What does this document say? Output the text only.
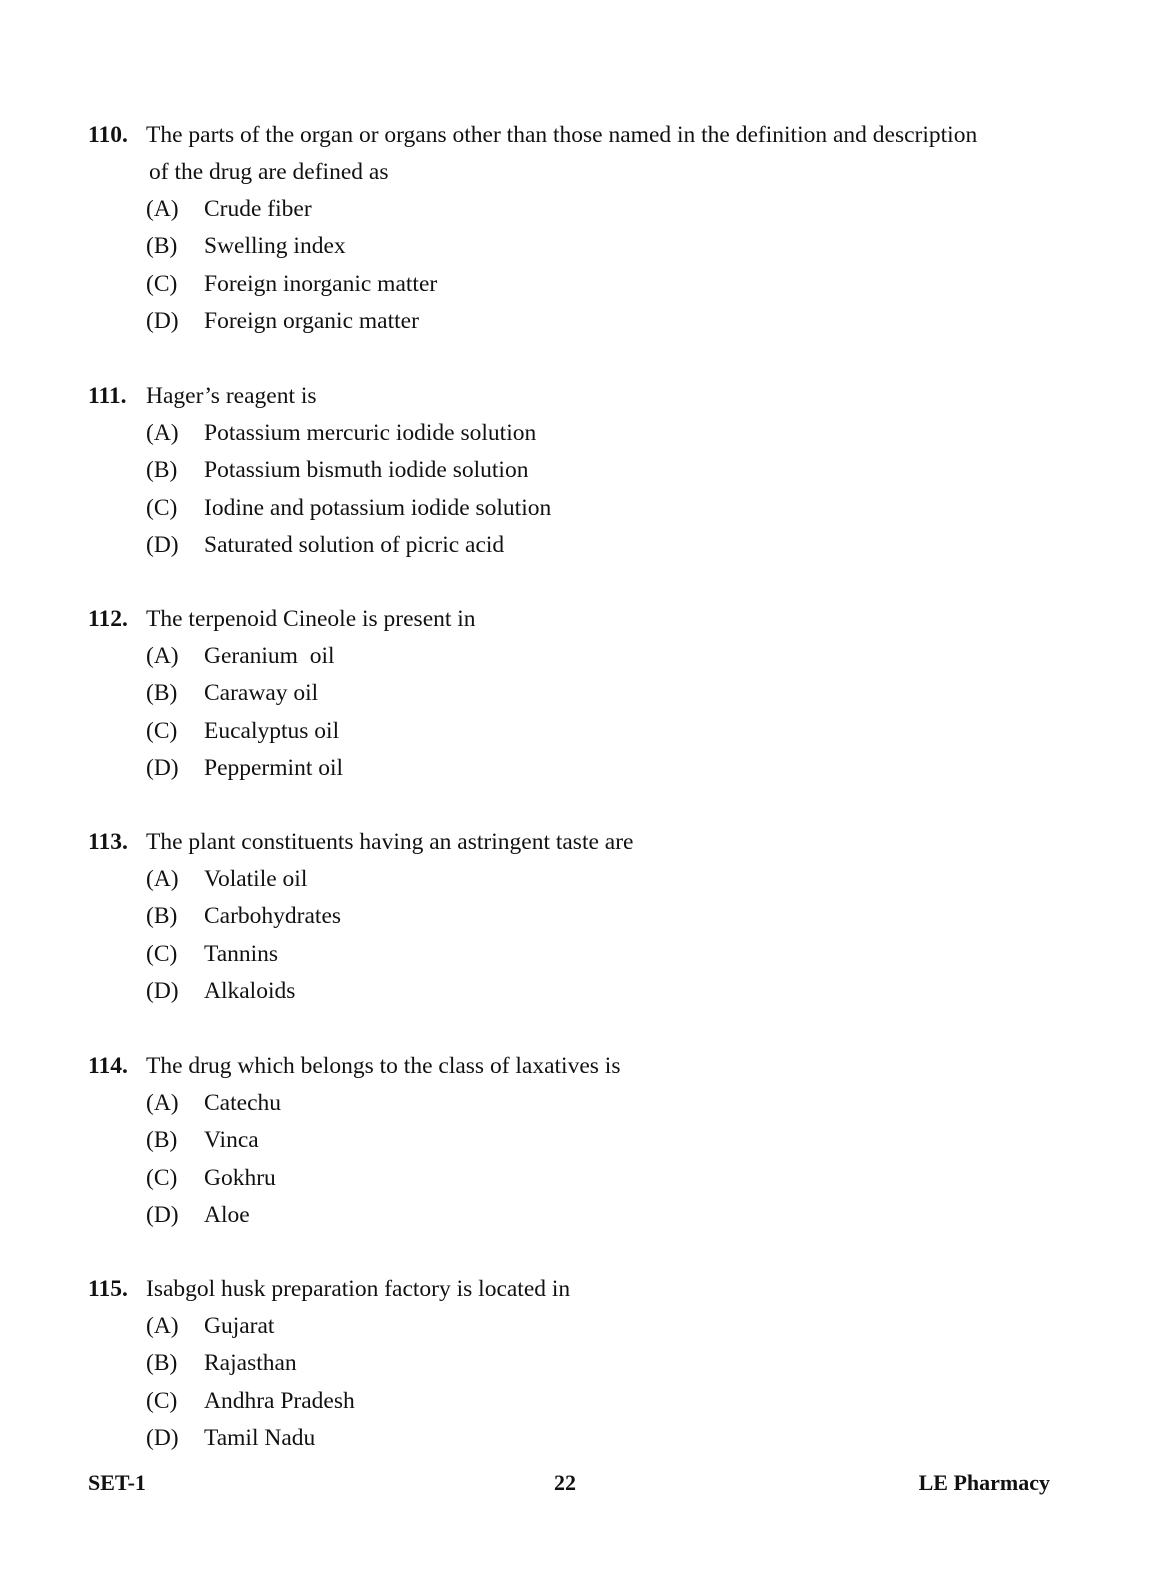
110. The parts of the organ or organs other than those named in the definition and description
of the drug are defined as
(A)	Crude fiber
(B)	Swelling index
(C)	Foreign inorganic matter
(D)	Foreign organic matter
111. Hager’s reagent is
(A)	Potassium mercuric iodide solution
(B)	Potassium bismuth iodide solution
(C)	Iodine and potassium iodide solution
(D)	Saturated solution of picric acid
112. The terpenoid Cineole is present in
(A)	Geranium  oil
(B)	Caraway oil
(C)	Eucalyptus oil
(D)	Peppermint oil
113. The plant constituents having an astringent taste are
(A)	Volatile oil
(B)	Carbohydrates
(C)	Tannins
(D)	Alkaloids
114. The drug which belongs to the class of laxatives is
(A)	Catechu
(B)	Vinca
(C)	Gokhru
(D)	Aloe
115. Isabgol husk preparation factory is located in
(A)	Gujarat
(B)	Rajasthan
(C)	Andhra Pradesh
(D)	Tamil Nadu
SET-1	22	LE Pharmacy
